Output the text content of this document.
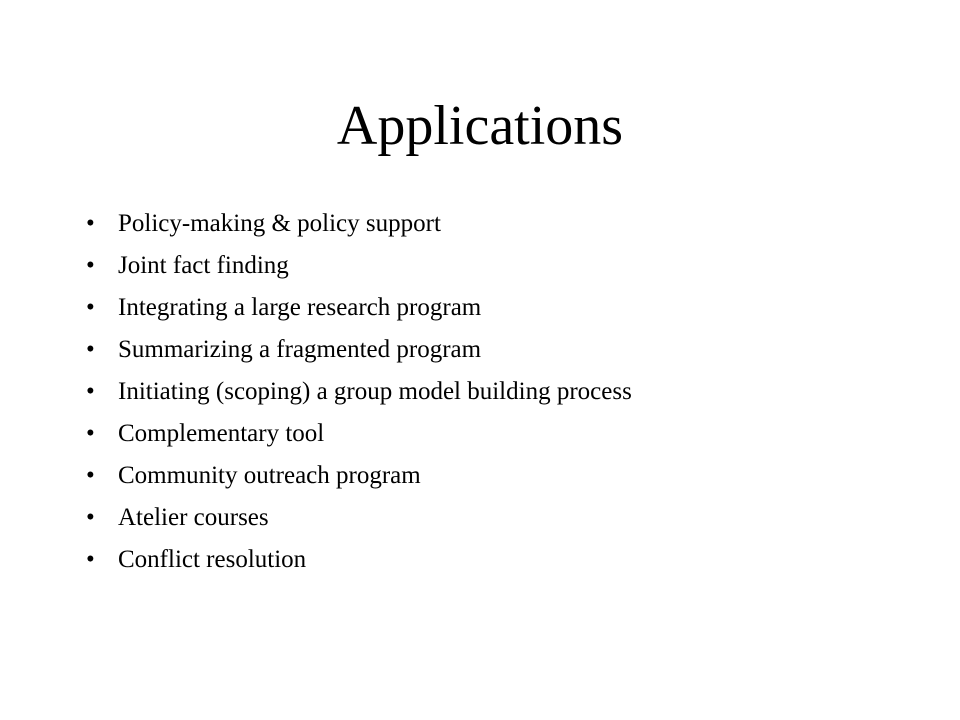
Applications
• Policy-making & policy support
• Joint fact finding
• Integrating a large research program
• Summarizing a fragmented program
• Initiating (scoping) a group model building process
• Complementary tool
• Community outreach program
• Atelier courses
• Conflict resolution
